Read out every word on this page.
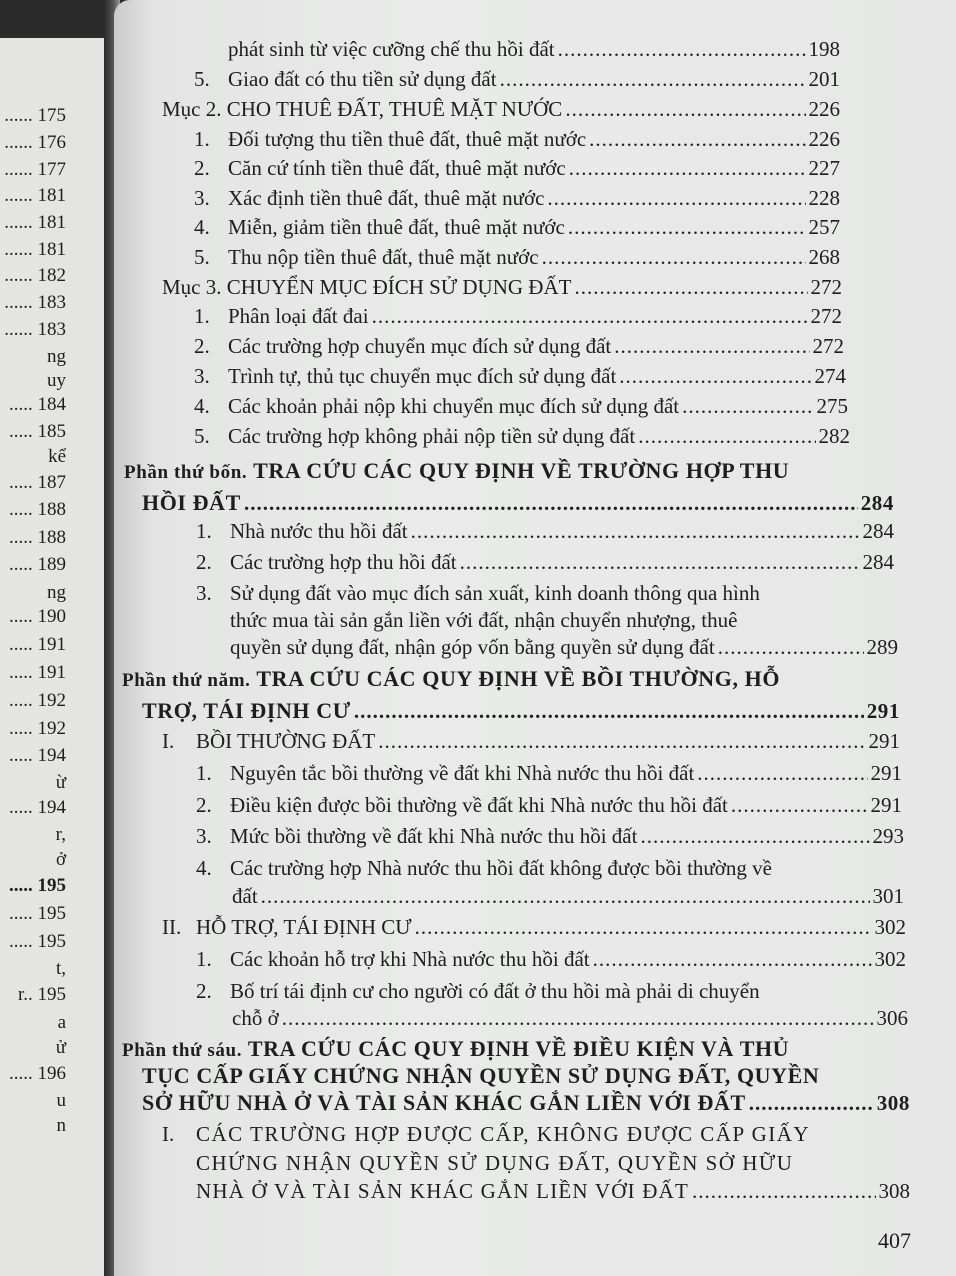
...... 175
...... 176
...... 177
...... 181
...... 181
...... 181
...... 182
...... 183
...... 183
ng
uy
..... 184
..... 185
kể
..... 187
..... 188
..... 188
..... 189
ng
..... 190
..... 191
..... 191
..... 192
..... 192
..... 194
ừ
..... 194
r,
ở
..... 195
..... 195
..... 195
t,
r.. 195
a
ử
..... 196
u
n
phát sinh từ việc cưỡng chế thu hồi đất .....	198
5. Giao đất có thu tiền sử dụng đất .....	201
Mục 2. CHO THUÊ ĐẤT, THUÊ MẶT NƯỚC .....	226
1. Đối tượng thu tiền thuê đất, thuê mặt nước .....	226
2. Căn cứ tính tiền thuê đất, thuê mặt nước .....	227
3. Xác định tiền thuê đất, thuê mặt nước .....	228
4. Miễn, giảm tiền thuê đất, thuê mặt nước .....	257
5. Thu nộp tiền thuê đất, thuê mặt nước .....	268
Mục 3. CHUYỂN MỤC ĐÍCH SỬ DỤNG ĐẤT .....	272
1. Phân loại đất đai .....	272
2. Các trường hợp chuyển mục đích sử dụng đất .....	272
3. Trình tự, thủ tục chuyển mục đích sử dụng đất .....	274
4. Các khoản phải nộp khi chuyển mục đích sử dụng đất .....	275
5. Các trường hợp không phải nộp tiền sử dụng đất .....	282
Phần thứ bốn. TRA CỨU CÁC QUY ĐỊNH VỀ TRƯỜNG HỢP THU
HỒI ĐẤT .....	284
1. Nhà nước thu hồi đất .....	284
2. Các trường hợp thu hồi đất .....	284
3. Sử dụng đất vào mục đích sản xuất, kinh doanh thông qua hình
thức mua tài sản gắn liền với đất, nhận chuyển nhượng, thuê
quyền sử dụng đất, nhận góp vốn bằng quyền sử dụng đất .....	289
Phần thứ năm. TRA CỨU CÁC QUY ĐỊNH VỀ BỒI THƯỜNG, HỖ
TRỢ, TÁI ĐỊNH CƯ .....	291
I.	BỒI THƯỜNG ĐẤT .....	291
1. Nguyên tắc bồi thường về đất khi Nhà nước thu hồi đất .....	291
2. Điều kiện được bồi thường về đất khi Nhà nước thu hồi đất .....	291
3. Mức bồi thường về đất khi Nhà nước thu hồi đất .....	293
4. Các trường hợp Nhà nước thu hồi đất không được bồi thường về
đất .....	301
II. HỖ TRỢ, TÁI ĐỊNH CƯ .....	302
1. Các khoản hỗ trợ khi Nhà nước thu hồi đất .....	302
2. Bố trí tái định cư cho người có đất ở thu hồi mà phải di chuyển
chỗ ở .....	306
Phần thứ sáu. TRA CỨU CÁC QUY ĐỊNH VỀ ĐIỀU KIỆN VÀ THỦ
TỤC CẤP GIẤY CHỨNG NHẬN QUYỀN SỬ DỤNG ĐẤT, QUYỀN
SỞ HỮU NHÀ Ở VÀ TÀI SẢN KHÁC GẮN LIỀN VỚI ĐẤT .....	308
I. CÁC TRƯỜNG HỢP ĐƯỢC CẤP, KHÔNG ĐƯỢC CẤP GIẤY
CHỨNG NHẬN QUYỀN SỬ DỤNG ĐẤT, QUYỀN SỞ HỮU
NHÀ Ở VÀ TÀI SẢN KHÁC GẮN LIỀN VỚI ĐẤT .....	308
407
